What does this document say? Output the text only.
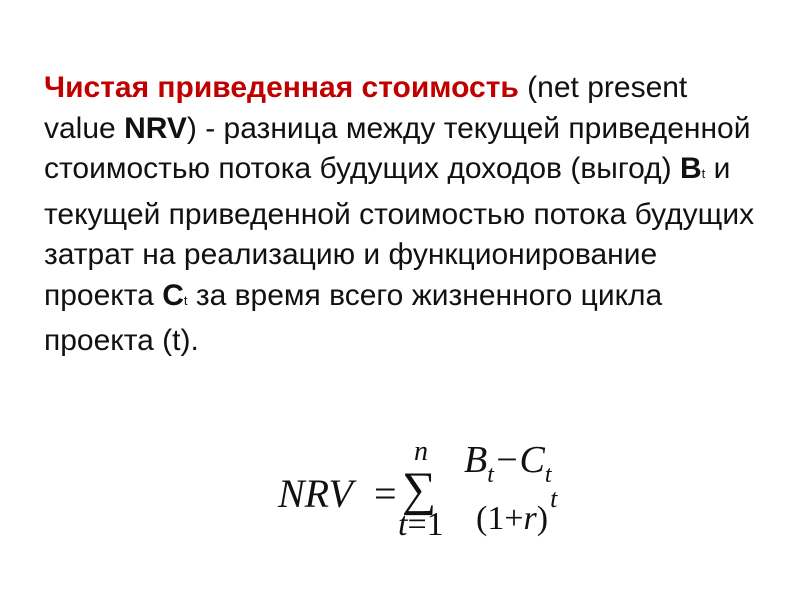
Чистая приведенная стоимость (net present value NRV) - разница между текущей приведенной стоимостью потока будущих доходов (выгод) Bt и текущей приведенной стоимостью потока будущих затрат на реализацию и функционирование проекта Ct за время всего жизненного цикла проекта (t).

NRV = ∑
n
t=1
$B_t-C_t$
$(1+r)^t$
